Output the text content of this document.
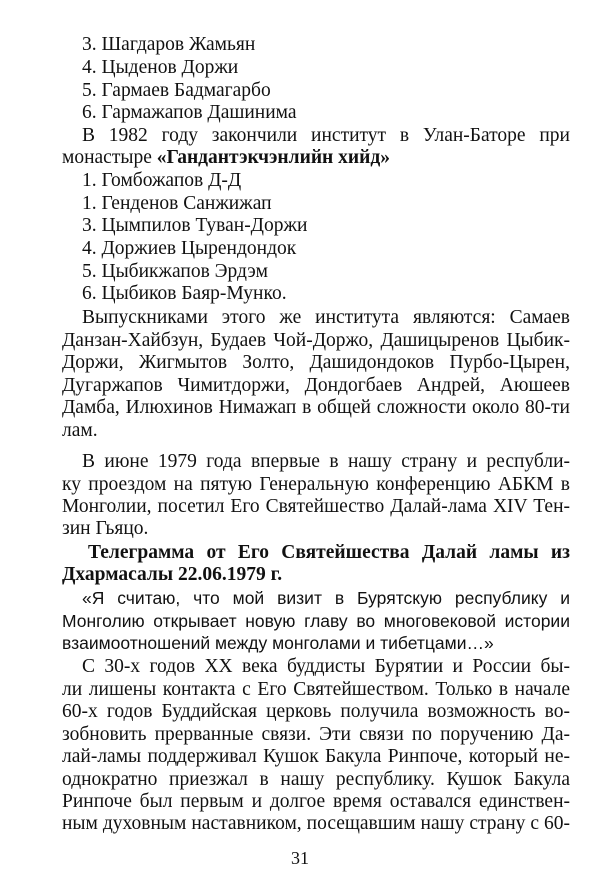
3. Шагдаров Жамьян
4. Цыденов Доржи
5. Гармаев Бадмагарбо
6. Гармажапов Дашинима
В 1982 году закончили институт в Улан-Баторе при
монастыре «Гандантэкчэнлийн хийд»
1. Гомбожапов Д-Д
1. Генденов Санжижап
3. Цымпилов Туван-Доржи
4. Доржиев Цырендондок
5. Цыбикжапов Эрдэм
6. Цыбиков Баяр-Мунко.
Выпускниками этого же института являются: Самаев
Данзан-Хайбзун, Будаев Чой-Доржо, Дашицыренов Цыбик-
Доржи, Жигмытов Золто, Дашидондоков Пурбо-Цырен,
Дугаржапов Чимитдоржи, Дондогбаев Андрей, Аюшеев
Дамба, Илюхинов Нимажап в общей сложности около 80-ти
лам.
В июне 1979 года впервые в нашу страну и республи-
ку проездом на пятую Генеральную конференцию АБКМ в
Монголии, посетил Его Святейшество Далай-лама XIV Тен-
зин Гьяцо.
Телеграмма от Его Святейшества Далай ламы из
Дхармасалы 22.06.1979 г.
«Я считаю, что мой визит в Бурятскую республику и
Монголию открывает новую главу во многовековой истории
взаимоотношений между монголами и тибетцами…»
С 30-х годов XX века буддисты Бурятии и России бы-
ли лишены контакта с Его Святейшеством. Только в начале
60-х годов Буддийская церковь получила возможность во-
зобновить прерванные связи. Эти связи по поручению Да-
лай-ламы поддерживал Кушок Бакула Ринпоче, который не-
однократно приезжал в нашу республику. Кушок Бакула
Ринпоче был первым и долгое время оставался единствен-
ным духовным наставником, посещавшим нашу страну с 60-
31
